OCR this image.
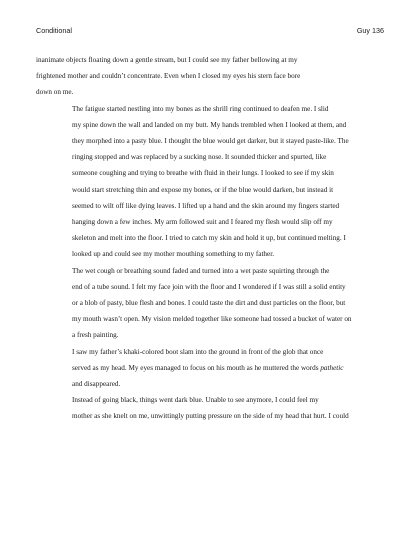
Conditional	Guy 136

inanimate objects floating down a gentle stream, but I could see my father bellowing at my
frightened mother and couldn’t concentrate. Even when I closed my eyes his stern face bore
down on me.

The fatigue started nestling into my bones as the shrill ring continued to deafen me. I slid

my spine down the wall and landed on my butt. My hands trembled when I looked at them, and
they morphed into a pasty blue. I thought the blue would get darker, but it stayed paste-like. The
ringing stopped and was replaced by a sucking nose. It sounded thicker and spurted, like
someone coughing and trying to breathe with fluid in their lungs. I looked to see if my skin
would start stretching thin and expose my bones, or if the blue would darken, but instead it
seemed to wilt off like dying leaves. I lifted up a hand and the skin around my fingers started
hanging down a few inches. My arm followed suit and I feared my flesh would slip off my
skeleton and melt into the floor. I tried to catch my skin and hold it up, but continued melting. I
looked up and could see my mother mouthing something to my father.

The wet cough or breathing sound faded and turned into a wet paste squirting through the

end of a tube sound. I felt my face join with the floor and I wondered if I was still a solid entity
or a blob of pasty, blue flesh and bones. I could taste the dirt and dust particles on the floor, but
my mouth wasn’t open. My vision melded together like someone had tossed a bucket of water on
a fresh painting.

I saw my father’s khaki-colored boot slam into the ground in front of the glob that once

served as my head. My eyes managed to focus on his mouth as he muttered the words pathetic
and disappeared.

Instead of going black, things went dark blue. Unable to see anymore, I could feel my

mother as she knelt on me, unwittingly putting pressure on the side of my head that hurt. I could
